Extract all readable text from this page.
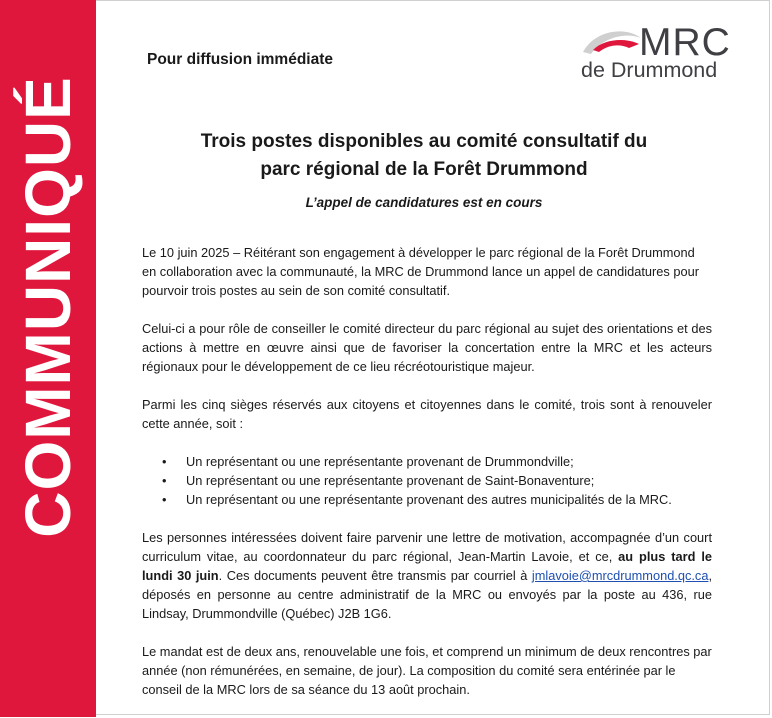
COMMUNIQUÉ
Pour diffusion immédiate	MRC
de Drummond
Trois postes disponibles au comité consultatif du
parc régional de la Forêt Drummond
L’appel de candidatures est en cours

Le 10 juin 2025 – Réitérant son engagement à développer le parc régional de la Forêt Drummond en collaboration avec la communauté, la MRC de Drummond lance un appel de candidatures pour pourvoir trois postes au sein de son comité consultatif.

Celui-ci a pour rôle de conseiller le comité directeur du parc régional au sujet des orientations et des actions à mettre en œuvre ainsi que de favoriser la concertation entre la MRC et les acteurs régionaux pour le développement de ce lieu récréotouristique majeur.

Parmi les cinq sièges réservés aux citoyens et citoyennes dans le comité, trois sont à renouveler cette année, soit :

• Un représentant ou une représentante provenant de Drummondville;
• Un représentant ou une représentante provenant de Saint-Bonaventure;
• Un représentant ou une représentante provenant des autres municipalités de la MRC.

Les personnes intéressées doivent faire parvenir une lettre de motivation, accompagnée d’un court curriculum vitae, au coordonnateur du parc régional, Jean-Martin Lavoie, et ce, au plus tard le lundi 30 juin. Ces documents peuvent être transmis par courriel à jmlavoie@mrcdrummond.qc.ca, déposés en personne au centre administratif de la MRC ou envoyés par la poste au 436, rue Lindsay, Drummondville (Québec) J2B 1G6.

Le mandat est de deux ans, renouvelable une fois, et comprend un minimum de deux rencontres par année (non rémunérées, en semaine, de jour). La composition du comité sera entérinée par le conseil de la MRC lors de sa séance du 13 août prochain.
